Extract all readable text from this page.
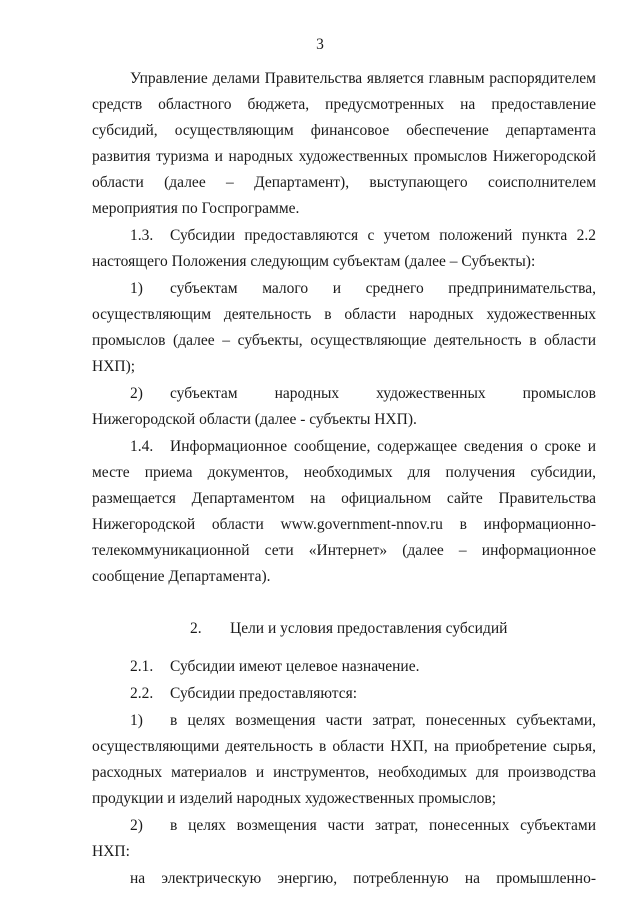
3

Управление делами Правительства является главным распорядителем средств областного бюджета, предусмотренных на предоставление субсидий, осуществляющим финансовое обеспечение департамента развития туризма и народных художественных промыслов Нижегородской области (далее – Департамент), выступающего соисполнителем мероприятия по Госпрограмме.

1.3. Субсидии предоставляются с учетом положений пункта 2.2 настоящего Положения следующим субъектам (далее – Субъекты):

1) субъектам малого и среднего предпринимательства, осуществляющим деятельность в области народных художественных промыслов (далее – субъекты, осуществляющие деятельность в области НХП);

2) субъектам народных художественных промыслов Нижегородской области (далее - субъекты НХП).

1.4. Информационное сообщение, содержащее сведения о сроке и месте приема документов, необходимых для получения субсидии, размещается Департаментом на официальном сайте Правительства Нижегородской области www.government-nnov.ru в информационно-телекоммуникационной сети «Интернет» (далее – информационное сообщение Департамента).

2. Цели и условия предоставления субсидий

2.1. Субсидии имеют целевое назначение.

2.2. Субсидии предоставляются:

1) в целях возмещения части затрат, понесенных субъектами, осуществляющими деятельность в области НХП, на приобретение сырья, расходных материалов и инструментов, необходимых для производства продукции и изделий народных художественных промыслов;

2) в целях возмещения части затрат, понесенных субъектами НХП:

на электрическую энергию, потребленную на промышленно-
